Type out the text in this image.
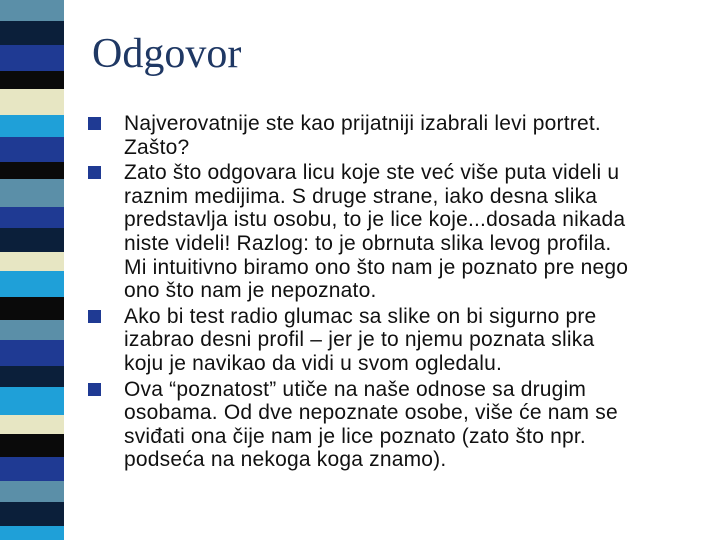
Odgovor
Najverovatnije ste kao prijatniji izabrali levi portret.
Zašto?
Zato što odgovara licu koje ste već više puta videli u
raznim medijima. S druge strane, iako desna slika
predstavlja istu osobu, to je lice koje...dosada nikada
niste videli! Razlog: to je obrnuta slika levog profila.
Mi intuitivno biramo ono što nam je poznato pre nego
ono što nam je nepoznato.
Ako bi test radio glumac sa slike on bi sigurno pre
izabrao desni profil – jer je to njemu poznata slika
koju je navikao da vidi u svom ogledalu.
Ova “poznatost” utiče na naše odnose sa drugim
osobama. Od dve nepoznate osobe, više će nam se
sviđati ona čije nam je lice poznato (zato što npr.
podseća na nekoga koga znamo).
